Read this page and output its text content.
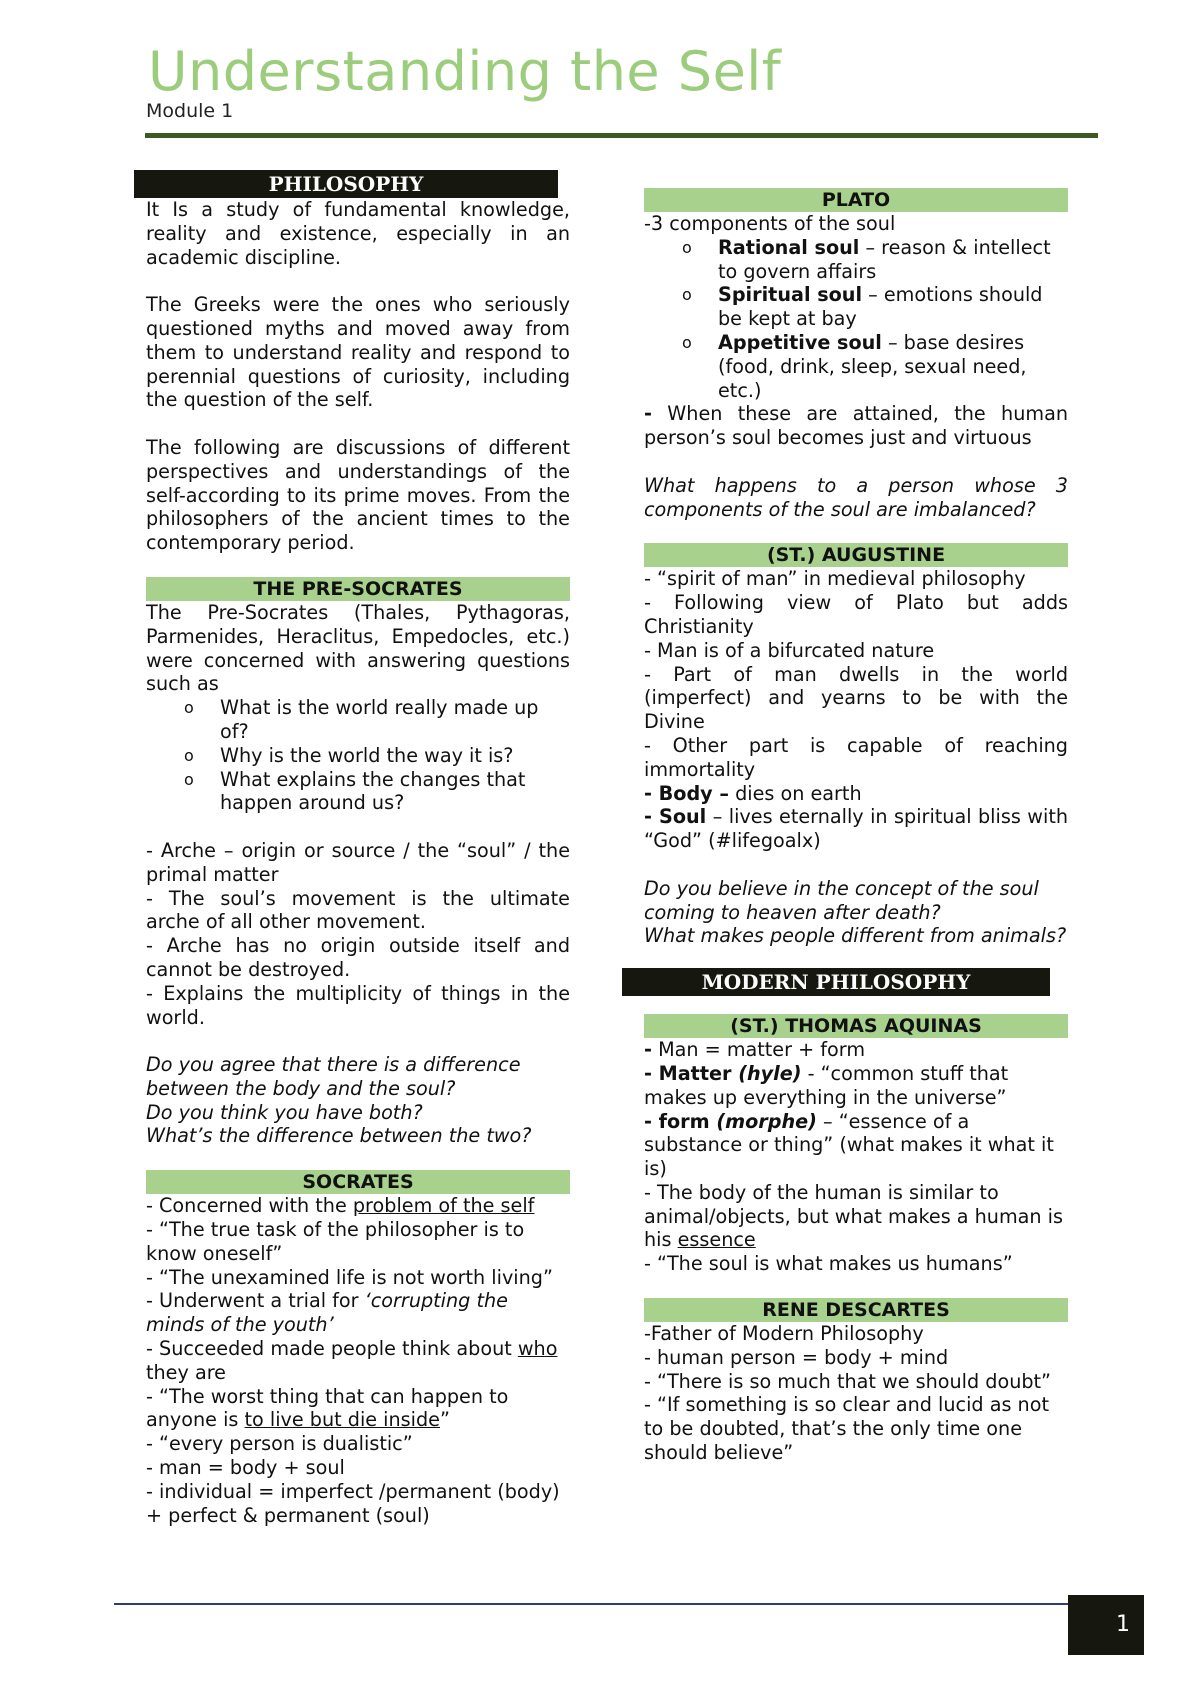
Understanding the Self
Module 1
PHILOSOPHY

It Is a study of fundamental knowledge, reality and existence, especially in an academic discipline.

The Greeks were the ones who seriously questioned myths and moved away from them to understand reality and respond to perennial questions of curiosity, including the question of the self.

The following are discussions of different perspectives and understandings of the self-according to its prime moves. From the philosophers of the ancient times to the contemporary period.

THE PRE-SOCRATES

The Pre-Socrates (Thales, Pythagoras, Parmenides, Heraclitus, Empedocles, etc.) were concerned with answering questions such as

o What is the world really made up of?
o Why is the world the way it is?
o What explains the changes that happen around us?

- Arche – origin or source / the “soul” / the primal matter

- The soul’s movement is the ultimate arche of all other movement.

- Arche has no origin outside itself and cannot be destroyed.

- Explains the multiplicity of things in the world.

Do you agree that there is a difference between the body and the soul?

Do you think you have both?

What’s the difference between the two?

SOCRATES

- Concerned with the problem of the self

- “The true task of the philosopher is to know oneself”

- “The unexamined life is not worth living”

- Underwent a trial for ‘corrupting the minds of the youth’

- Succeeded made people think about who they are

- “The worst thing that can happen to anyone is to live but die inside”

- “every person is dualistic”

- man = body + soul

- individual = imperfect /permanent (body) + perfect & permanent (soul)

PLATO

-3 components of the soul

o Rational soul – reason & intellect to govern affairs
o Spiritual soul – emotions should be kept at bay
o Appetitive soul – base desires (food, drink, sleep, sexual need, etc.)

- When these are attained, the human person’s soul becomes just and virtuous

What happens to a person whose 3 components of the soul are imbalanced?

(ST.) AUGUSTINE

- “spirit of man” in medieval philosophy

- Following view of Plato but adds Christianity

- Man is of a bifurcated nature

- Part of man dwells in the world (imperfect) and yearns to be with the Divine

- Other part is capable of reaching immortality

- Body – dies on earth

- Soul – lives eternally in spiritual bliss with “God” (#lifegoalx)

Do you believe in the concept of the soul coming to heaven after death?

What makes people different from animals?

MODERN PHILOSOPHY
(ST.) THOMAS AQUINAS

- Man = matter + form

- Matter (hyle) - “common stuff that makes up everything in the universe”

- form (morphe) – “essence of a substance or thing” (what makes it what it is)

- The body of the human is similar to animal/objects, but what makes a human is his essence

- “The soul is what makes us humans”

RENE DESCARTES

-Father of Modern Philosophy

- human person = body + mind

- “There is so much that we should doubt”

- “If something is so clear and lucid as not to be doubted, that’s the only time one should believe”

1
